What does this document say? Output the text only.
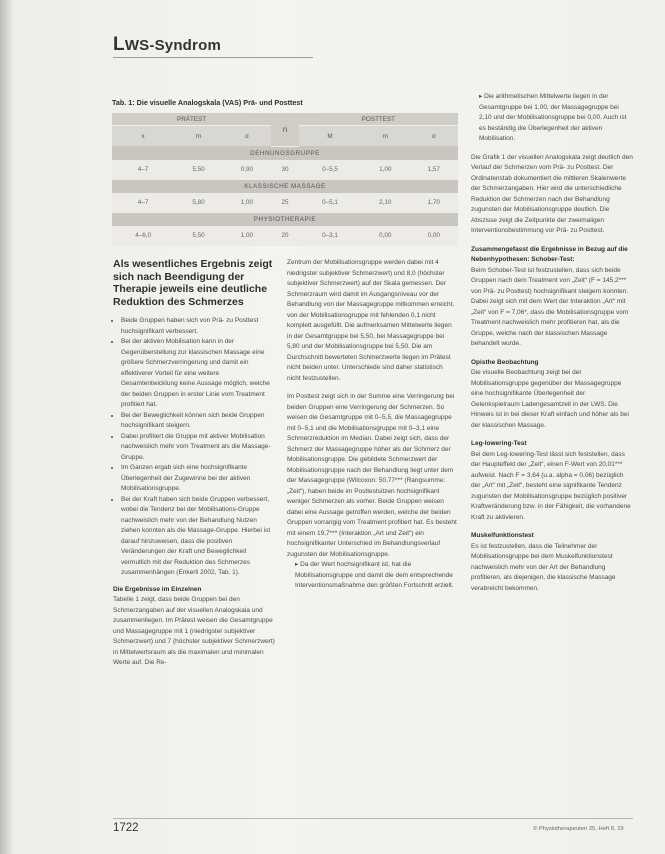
LWS-Syndrom
Tab. 1: Die visuelle Analogskala (VAS) Prä- und Posttest
PRÄTEST			n	POSTTEST		
x	m	σ		M	m	σ
DEHNUNGSGRUPPE						
4–7	5,50	0,90	30	0–5,5	1,00	1,57
KLASSISCHE MASSAGE						
4–7	5,80	1,00	25	0–5,1	2,10	1,70
PHYSIOTHERAPIE						
4–6,0	5,50	1,00	20	0–3,1	0,00	0,00
Als wesentliches Ergebnis zeigt sich nach Beendigung der Therapie jeweils eine deutliche Reduktion des Schmerzes
• Beide Gruppen haben sich von Prä- zu Posttest hochsignifikant verbessert.
• Bei der aktiven Mobilisation kann in der Gegenüberstellung zur klassischen Massage eine größere Schmerzverringerung und damit ein effektiverer Vorteil für eine weitere Gesamtentwicklung keine Aussage möglich, welche der beiden Gruppen in erster Linie vom Treatment profitiert hat.
• Bei der Beweglichkeit können sich beide Gruppen hochsignifikant steigern.
• Dabei profitiert die Gruppe mit aktiver Mobilisation nachweislich mehr vom Treatment als die Massage-Gruppe.
• Im Ganzen ergab sich eine hochsignifikante Überlegenheit der Zugewinne bei der aktiven Mobilisationsgruppe.
• Bei der Kraft haben sich beide Gruppen verbessert, wobei die Tendenz bei der Mobilisations-Gruppe nachweislich mehr von der Behandlung Nutzen ziehen konnten als die Massage-Gruppe. Hierbei ist darauf hinzuweisen, dass die positiven Veränderungen der Kraft und Beweglichkeit vermutlich mit der Reduktion des Schmerzes zusammenhängen (Enkerli 2002, Tab. 1).

Die Ergebnisse im Einzelnen

Tabelle 1 zeigt, dass beide Gruppen bei den Schmerzangaben auf der visuellen Analogskala und zusammenliegen. Im Prätest weisen die Gesamtgruppe und Massagegruppe mit 1 (niedrigster subjektiver Schmerzwert) und 7 (höchster subjektiver Schmerzwert) in Mittelwertsraum als die maximalen und minimalen Werte auf. Die Re-

Zentrum der Mobilisationsgruppe werden dabei mit 4 niedrigster subjektiver Schmerzwert) und 8,0 (höchster subjektiver Schmerzwert) auf der Skala gemessen. Der Schmerzraum wird damit im Ausgangsniveau vor der Behandlung von der Massagegruppe mitkommen erreicht, von der Mobilisationsgruppe mit fehlenden 0,1 nicht komplett ausgefüllt. Die aufmerksamen Mittelwerte liegen in der Gesamtgruppe bei 5,50, bei Massagegruppe bei 5,80 und der Mobilisationsgruppe bei 5,50. Die am Durchschnitt bewerteten Schmerzwerte liegen im Prätest nicht beiden unter. Unterschiede sind daher statistisch nicht festzustellen.

Im Posttest zeigt sich in der Summe eine Verringerung bei beiden Gruppen eine Verringerung der Schmerzen. So weisen die Gesamtgruppe mit 0–5,5, die Massagegruppe mit 0–5,1 und die Mobilisationsgruppe mit 0–3,1 eine Schmerzreduktion im Median. Dabei zeigt sich, dass der Schmerz der Massagegruppe höher als der Schmerz der Mobilisationsgruppe. Die gebildete Schmerzwert der Mobilisationsgruppe nach der Behandlung liegt unter dem der Massagegruppe (Wilcoxon: 50,77*** (Rangsumme: „Zeit“), haben beide im Posttestsitzen hochsignifikant weniger Schmerzen als vorher. Beide Gruppen weisen dabei eine Aussage getroffen werden, welche der beiden Gruppen vorrangig vom Treatment profitiert hat. Es besteht mit einem 19,7*** (Interaktion „Art und Zeit“) ein hochsignifikanter Unterschied im Behandlungsverlauf zugunsten der Mobilisationsgruppe.

▸ Da der Wert hochsignifikant ist, hat die Mobilisationsgruppe und damit die dem entsprechende Interventionsmaßnahme den größten Fortschritt erzielt.

▸ Die arithmetischen Mittelwerte liegen in der Gesamtgruppe bei 1,00, der Massagegruppe bei 2,10 und der Mobilisationsgruppe bei 0,00. Auch ist es beständig die Überlegenheit der aktiven Mobilisation.

Die Grafik 1 der visuellen Analogskala zeigt deutlich den Verlauf der Schmerzen vom Prä- zu Posttest. Der Ordinatenstab dokumentiert die mittleren Skalenwerte der Schmerzangaben. Hier wird die unterschiedliche Reduktion der Schmerzen nach der Behandlung zugunsten der Mobilisationsgruppe deutlich. Die Abszisse zeigt die Zeitpunkte der zweimaligen Interventionsbestimmung vor Prä- zu Posttest.

Zusammengefasst die Ergebnisse in Bezug auf die Nebenhypothesen: Schober-Test:

Beim Schober-Test ist festzustellen, dass sich beide Gruppen nach dem Treatment von „Zeit“ (F = 145,2*** von Prä- zu Posttest) hochsignifikant steigern konnten. Dabei zeigt sich mit dem Wert der Interaktion „Art“ mit „Zeit“ von F = 7,06*, dass die Mobilisationsgruppe vom Treatment nachweislich mehr profitieren hat, als die Gruppe, welche nach der klassischen Massage behandelt wurde.

Opisthe Beobachtung

Die visuelle Beobachtung zeigt bei der Mobilisationsgruppe gegenüber der Massagegruppe eine hochsignifikante Überlegenheit der Gelenkspielraum Ladengesamtzeit in der LWS. Die Hinweis ist in bei dieser Kraft einfach und höher als bei der klassischen Massage.

Leg-lowering-Test

Bei dem Leg-lowering-Test lässt sich feststellen, dass der Haupteffekt der „Zeit“, einen F-Wert von 20,01*** aufweist. Nach F = 3,64 (u.a. alpha = 0,06) bezüglich der „Art“ mit „Zeit“, besteht eine signifikante Tendenz zugunsten der Mobilisationsgruppe bezüglich positiver Kraftveränderung bzw. in der Fähigkeit, die vorhandene Kraft zu aktivieren.

Muskelfunktionstest

Es ist festzustellen, dass die Teilnehmer der Mobilisationsgruppe bei dem Muskelfunktionstest nachweislich mehr von der Art der Behandlung profitieren, als diejenigen, die klassische Massage verabreicht bekommen.

1722	© Physiotherapeuten 25, Heft 8, 19
